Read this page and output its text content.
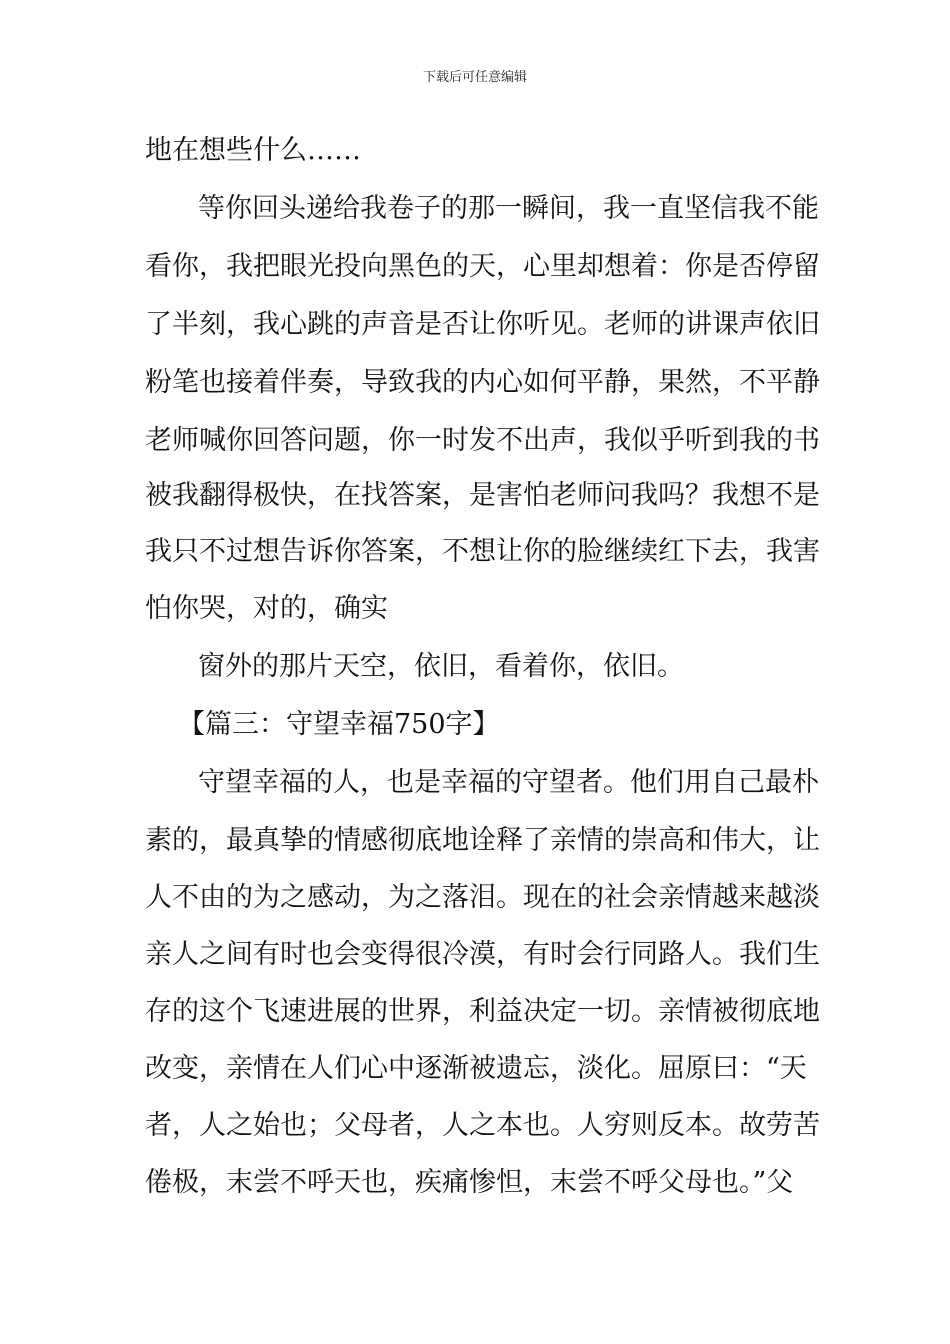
下载后可任意编辑
地在想些什么……
等你回头递给我卷子的那一瞬间，我一直坚信我不能
看你，我把眼光投向黑色的天，心里却想着：你是否停留
了半刻，我心跳的声音是否让你听见。老师的讲课声依旧
粉笔也接着伴奏，导致我的内心如何平静，果然，不平静
老师喊你回答问题，你一时发不出声，我似乎听到我的书
被我翻得极快，在找答案，是害怕老师问我吗？我想不是
我只不过想告诉你答案，不想让你的脸继续红下去，我害
怕你哭，对的，确实
窗外的那片天空，依旧，看着你，依旧。
【篇三：守望幸福750字】
守望幸福的人，也是幸福的守望者。他们用自己最朴
素的，最真挚的情感彻底地诠释了亲情的崇高和伟大，让
人不由的为之感动，为之落泪。现在的社会亲情越来越淡
亲人之间有时也会变得很冷漠，有时会行同路人。我们生
存的这个飞速进展的世界，利益决定一切。亲情被彻底地
改变，亲情在人们心中逐渐被遗忘，淡化。屈原曰：“天
者，人之始也；父母者，人之本也。人穷则反本。故劳苦
倦极，末尝不呼天也，疾痛惨怛，末尝不呼父母也。”父
